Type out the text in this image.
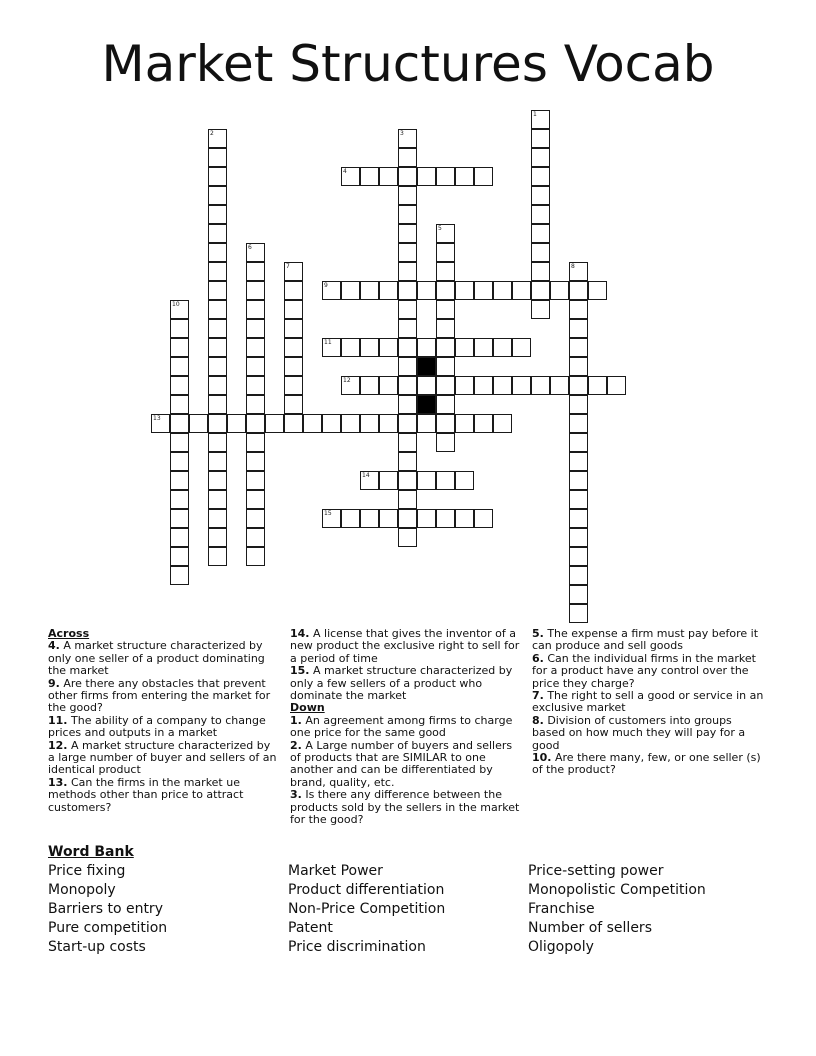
Market Structures Vocab
4
9
11
12
13
14
15
1
2	3
5
6
7	8
10
Across
4. A market structure characterized by only one seller of a product dominating the market
9. Are there any obstacles that prevent other firms from entering the market for the good?
11. The ability of a company to change prices and outputs in a market
12. A market structure characterized by a large number of buyer and sellers of an identical product
13. Can the firms in the market ue methods other than price to attract customers?
14. A license that gives the inventor of a new product the exclusive right to sell for a period of time
15. A market structure characterized by only a few sellers of a product who dominate the market
Down
1. An agreement among firms to charge one price for the same good
2. A Large number of buyers and sellers of products that are SIMILAR to one another and can be differentiated by brand, quality, etc.
3. Is there any difference between the products sold by the sellers in the market for the good?
5. The expense a firm must pay before it can produce and sell goods
6. Can the individual firms in the market for a product have any control over the price they charge?
7. The right to sell a good or service in an exclusive market
8. Division of customers into groups based on how much they will pay for a good
10. Are there many, few, or one seller (s) of the product?
Word Bank
Price fixing
Monopoly
Barriers to entry
Pure competition
Start-up costs
Market Power
Product differentiation
Non-Price Competition
Patent
Price discrimination
Price-setting power
Monopolistic Competition
Franchise
Number of sellers
Oligopoly
